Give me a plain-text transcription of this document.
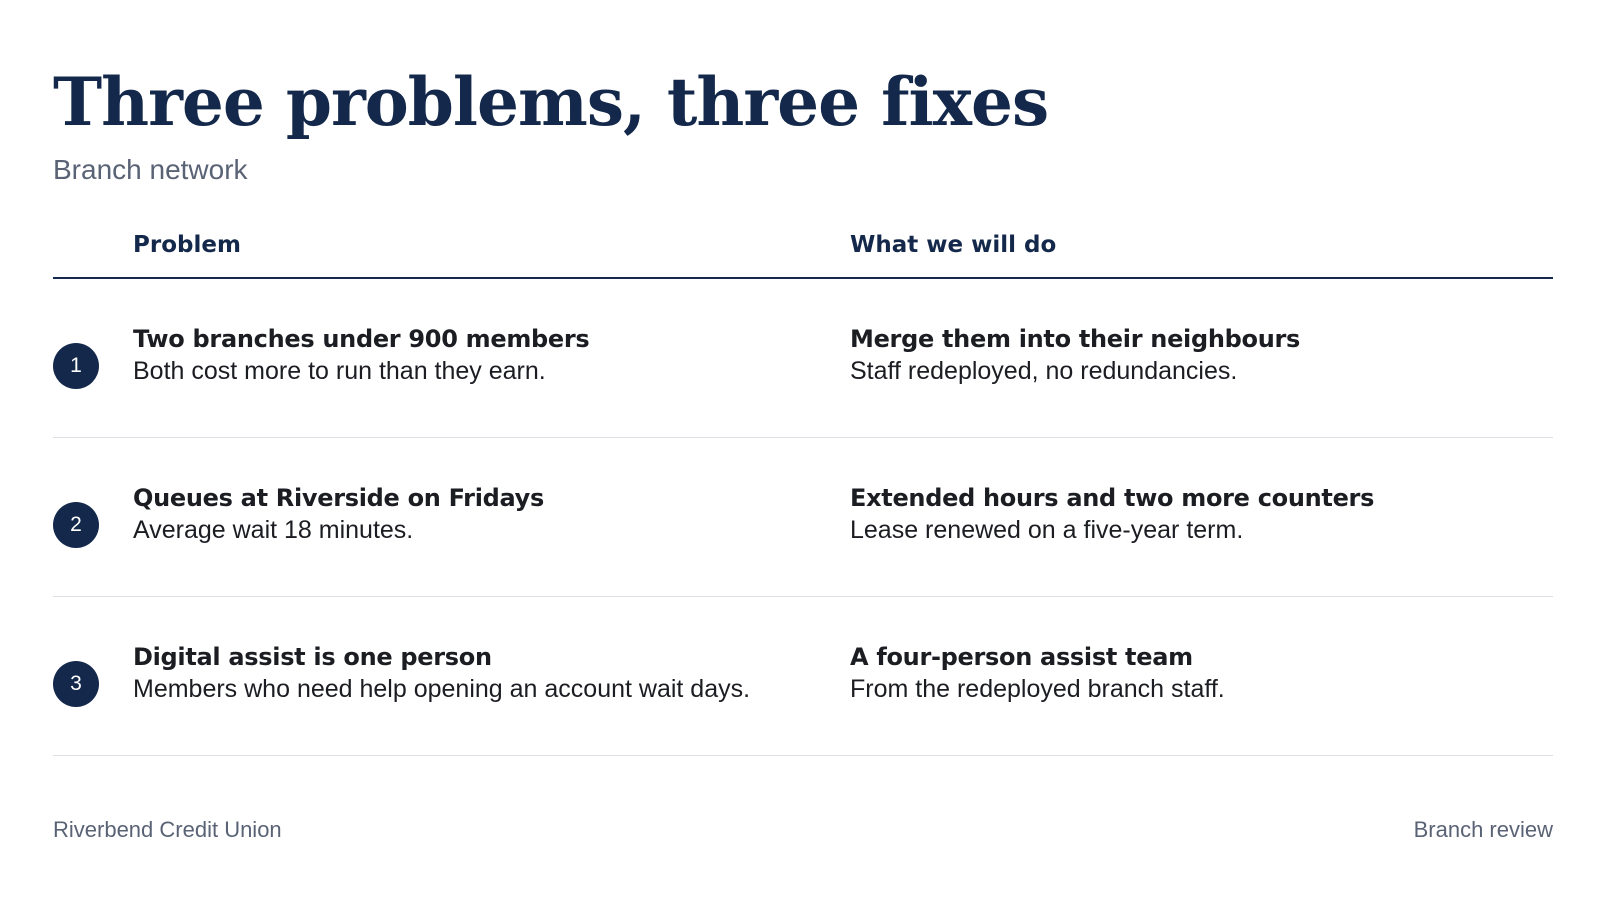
Three problems, three fixes
Branch network
Problem	What we will do
1
Two branches under 900 members
Both cost more to run than they earn.
Merge them into their neighbours
Staff redeployed, no redundancies.
2
Queues at Riverside on Fridays
Average wait 18 minutes.
Extended hours and two more counters
Lease renewed on a five-year term.
3
Digital assist is one person
Members who need help opening an account wait days.
A four-person assist team
From the redeployed branch staff.
Riverbend Credit Union	Branch review
